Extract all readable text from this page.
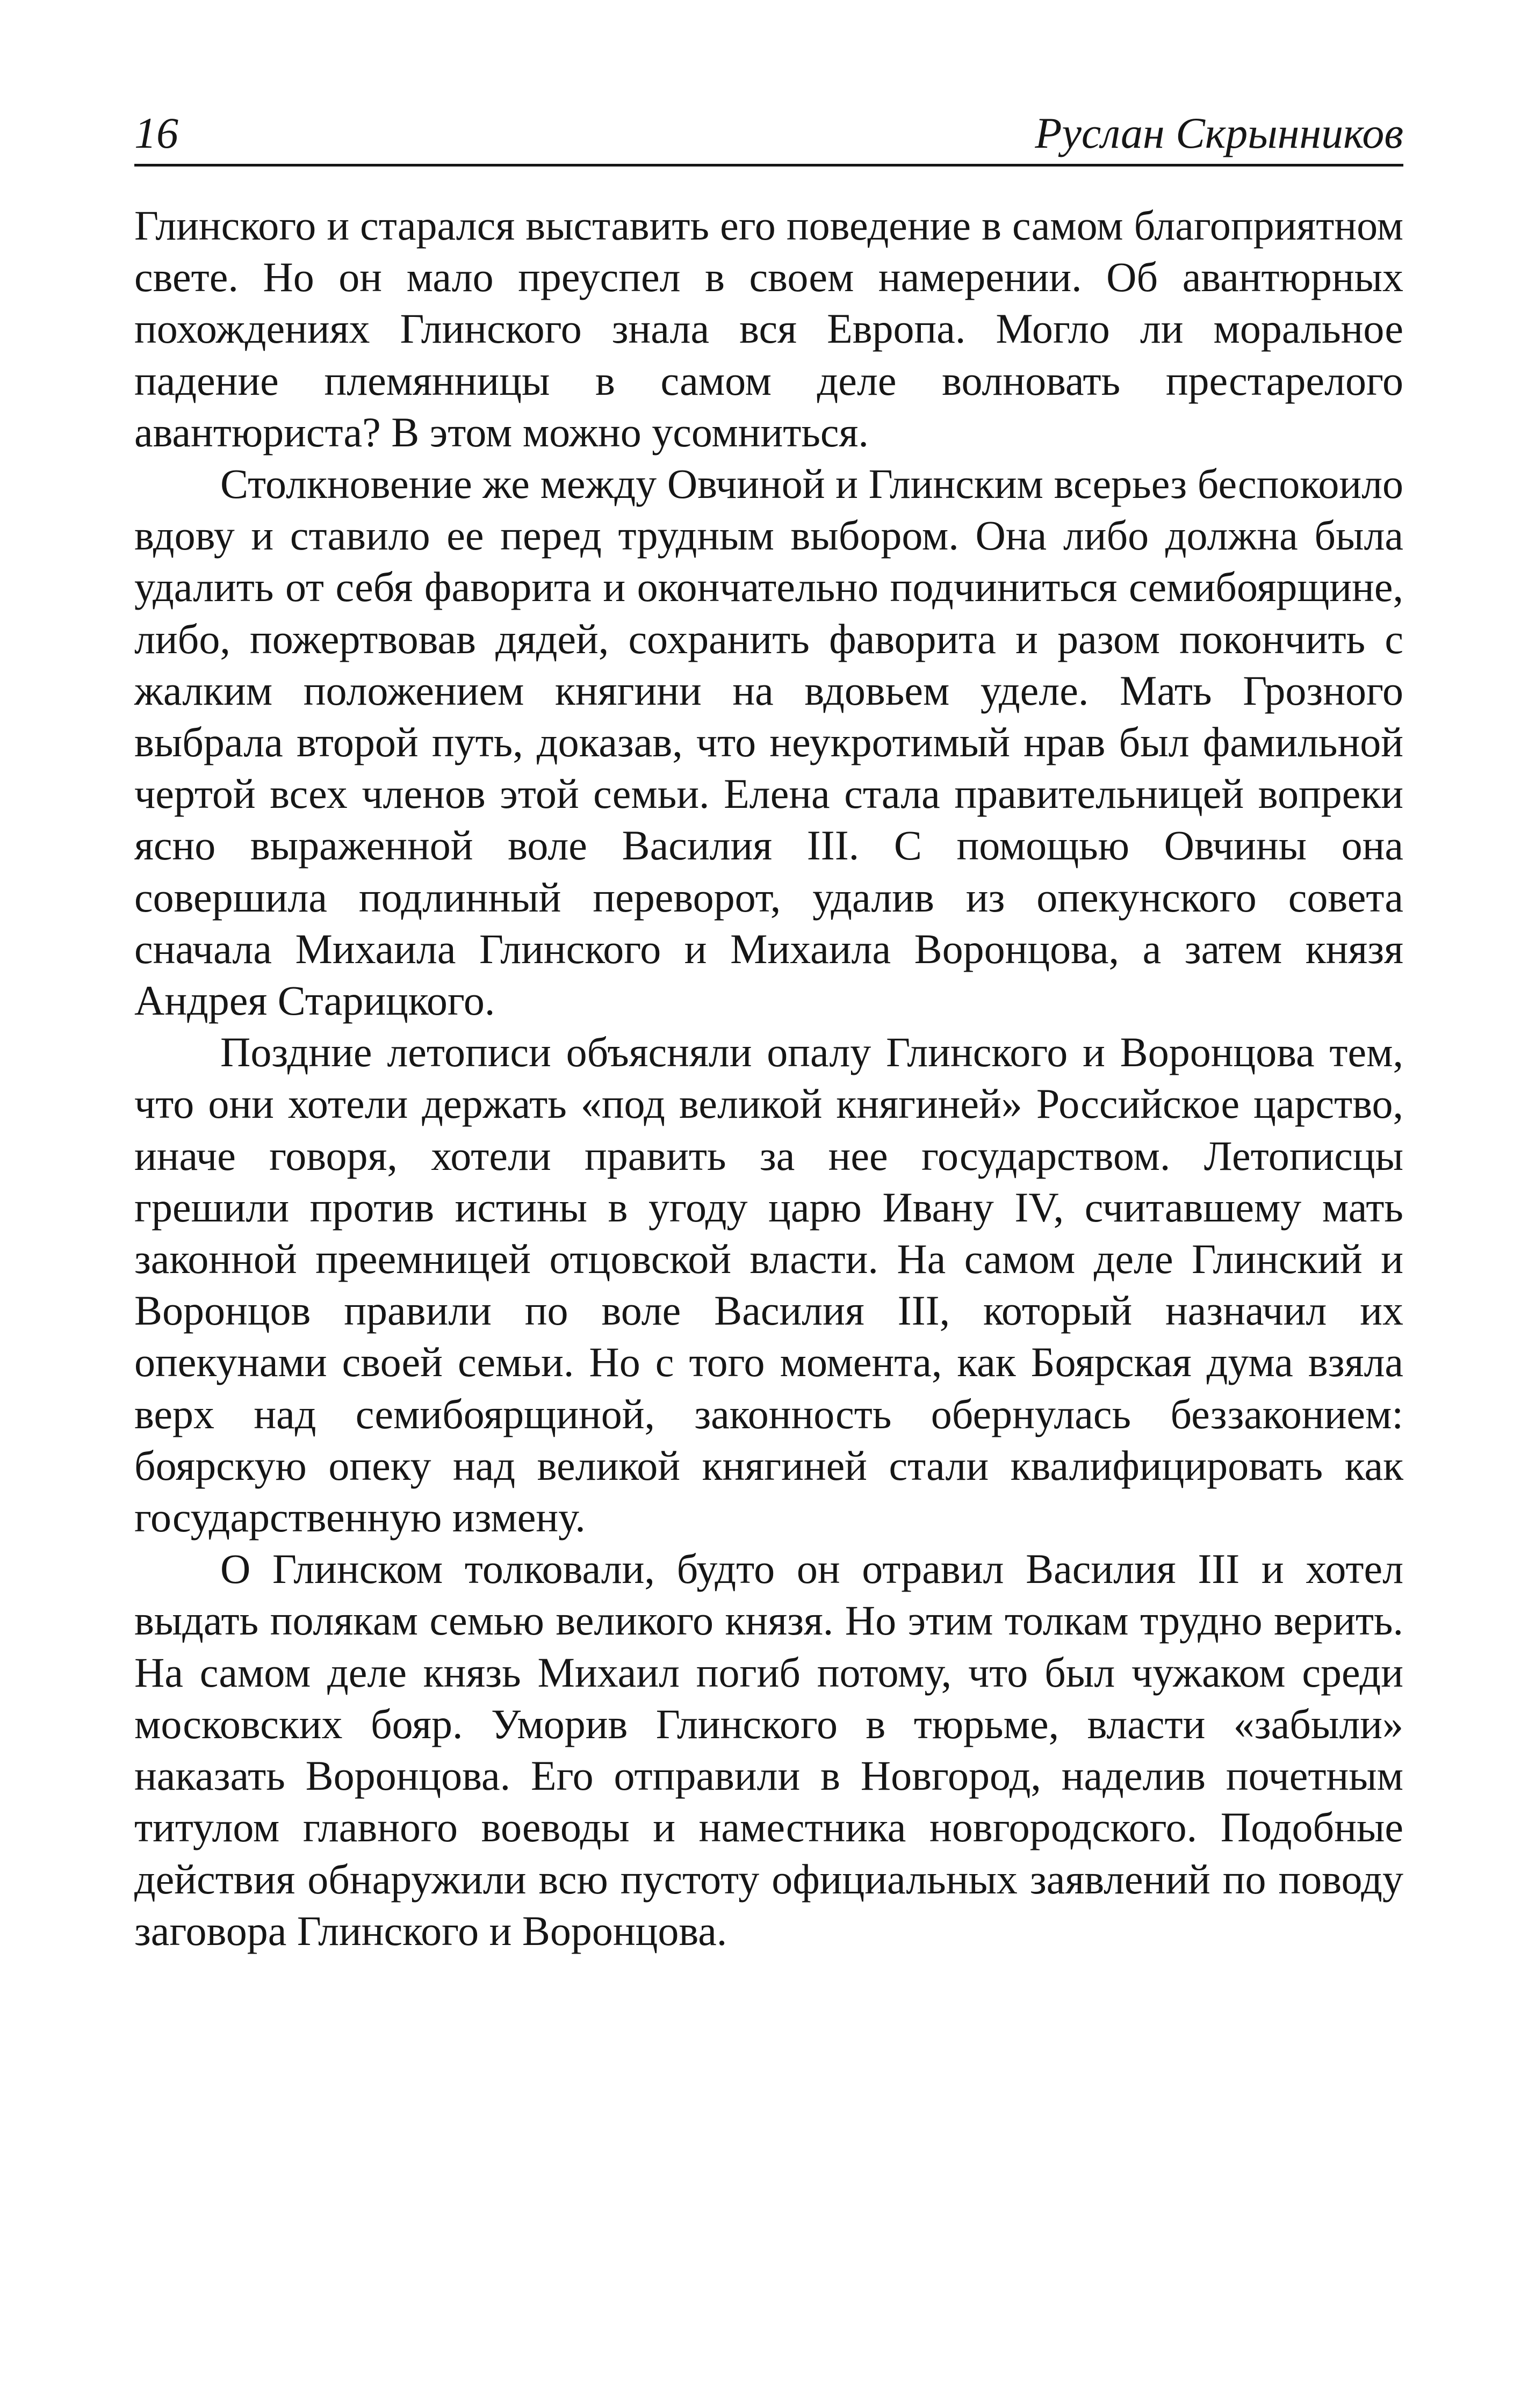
16	Руслан Скрынников

Глинского и старался выставить его поведение в самом благоприятном свете. Но он мало преуспел в своем намерении. Об авантюрных похождениях Глинского знала вся Европа. Могло ли моральное падение племянницы в самом деле волновать престарелого авантюриста? В этом можно усомниться.

Столкновение же между Овчиной и Глинским всерьез беспокоило вдову и ставило ее перед трудным выбором. Она либо должна была удалить от себя фаворита и окончательно подчиниться семибоярщине, либо, пожертвовав дядей, сохранить фаворита и разом покончить с жалким положением княгини на вдовьем уделе. Мать Грозного выбрала второй путь, доказав, что неукротимый нрав был фамильной чертой всех членов этой семьи. Елена стала правительницей вопреки ясно выраженной воле Василия III. С помощью Овчины она совершила подлинный переворот, удалив из опекунского совета сначала Михаила Глинского и Михаила Воронцова, а затем князя Андрея Старицкого.

Поздние летописи объясняли опалу Глинского и Воронцова тем, что они хотели держать «под великой княгиней» Российское царство, иначе говоря, хотели править за нее государством. Летописцы грешили против истины в угоду царю Ивану IV, считавшему мать законной преемницей отцовской власти. На самом деле Глинский и Воронцов правили по воле Василия III, который назначил их опекунами своей семьи. Но с того момента, как Боярская дума взяла верх над семибоярщиной, законность обернулась беззаконием: боярскую опеку над великой княгиней стали квалифицировать как государственную измену.

О Глинском толковали, будто он отравил Василия III и хотел выдать полякам семью великого князя. Но этим толкам трудно верить. На самом деле князь Михаил погиб потому, что был чужаком среди московских бояр. Уморив Глинского в тюрьме, власти «забыли» наказать Воронцова. Его отправили в Новгород, наделив почетным титулом главного воеводы и наместника новгородского. Подобные действия обнаружили всю пустоту официальных заявлений по поводу заговора Глинского и Воронцова.
